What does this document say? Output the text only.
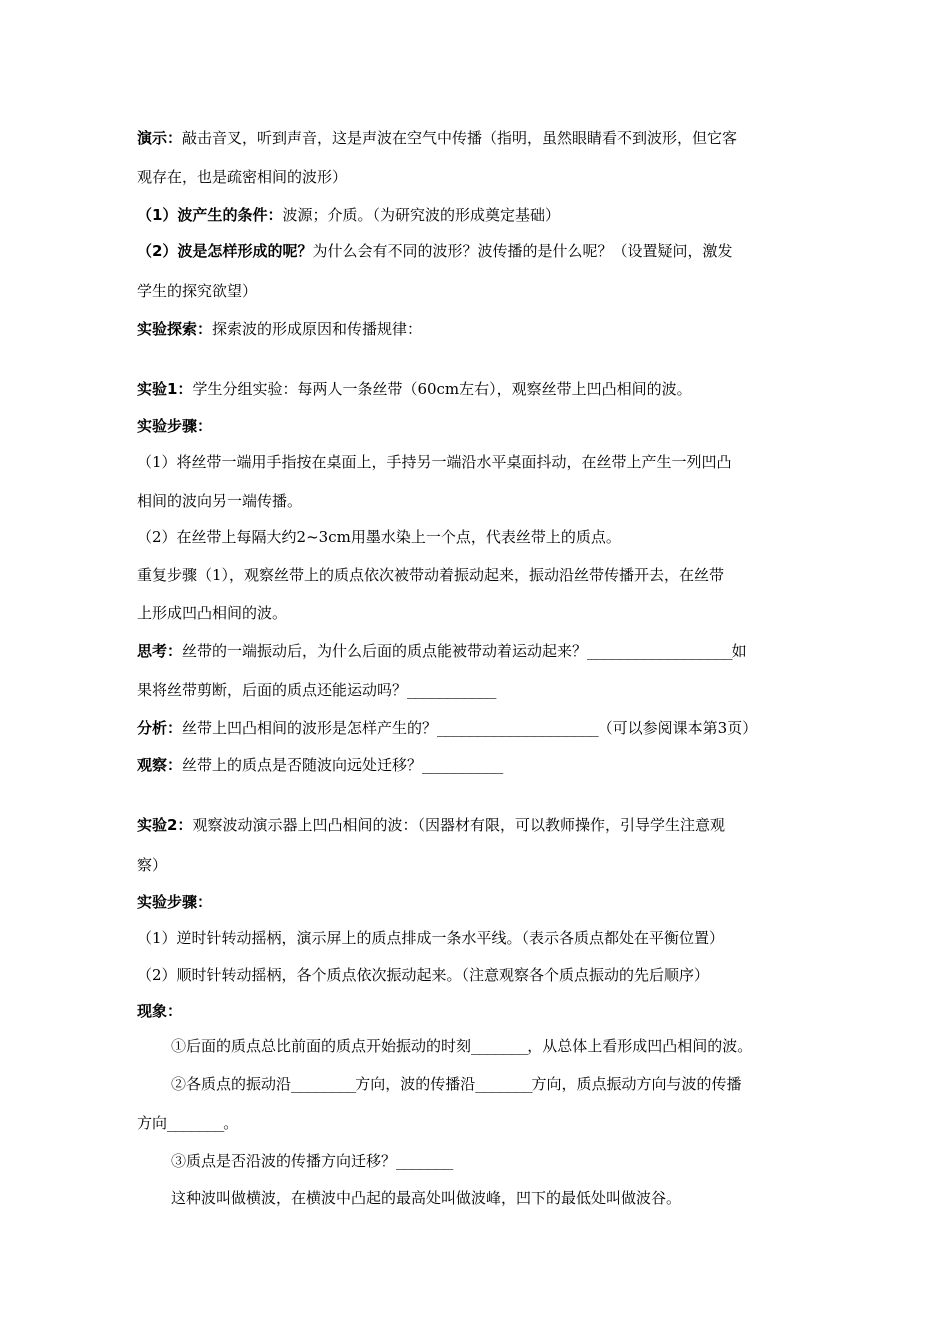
演示：敲击音叉，听到声音，这是声波在空气中传播（指明，虽然眼睛看不到波形，但它客
观存在，也是疏密相间的波形）
（1）波产生的条件：波源；介质。（为研究波的形成奠定基础）
（2）波是怎样形成的呢？为什么会有不同的波形？波传播的是什么呢？（设置疑问，激发
学生的探究欲望）
实验探索：探索波的形成原因和传播规律：
实验1：学生分组实验：每两人一条丝带（60cm左右），观察丝带上凹凸相间的波。
实验步骤：
（1）将丝带一端用手指按在桌面上，手持另一端沿水平桌面抖动，在丝带上产生一列凹凸
相间的波向另一端传播。
（2）在丝带上每隔大约2~3cm用墨水染上一个点，代表丝带上的质点。
重复步骤（1），观察丝带上的质点依次被带动着振动起来，振动沿丝带传播开去，在丝带
上形成凹凸相间的波。
思考：丝带的一端振动后，为什么后面的质点能被带动着运动起来？__________________如
果将丝带剪断，后面的质点还能运动吗？___________
分析：丝带上凹凸相间的波形是怎样产生的？____________________（可以参阅课本第3页）
观察：丝带上的质点是否随波向远处迁移？__________
实验2：观察波动演示器上凹凸相间的波：（因器材有限，可以教师操作，引导学生注意观
察）
实验步骤：
（1）逆时针转动摇柄，演示屏上的质点排成一条水平线。（表示各质点都处在平衡位置）
（2）顺时针转动摇柄，各个质点依次振动起来。（注意观察各个质点振动的先后顺序）
现象：
①后面的质点总比前面的质点开始振动的时刻_______，从总体上看形成凹凸相间的波。
②各质点的振动沿________方向，波的传播沿_______方向，质点振动方向与波的传播
方向_______。
③质点是否沿波的传播方向迁移？_______
这种波叫做横波，在横波中凸起的最高处叫做波峰，凹下的最低处叫做波谷。
